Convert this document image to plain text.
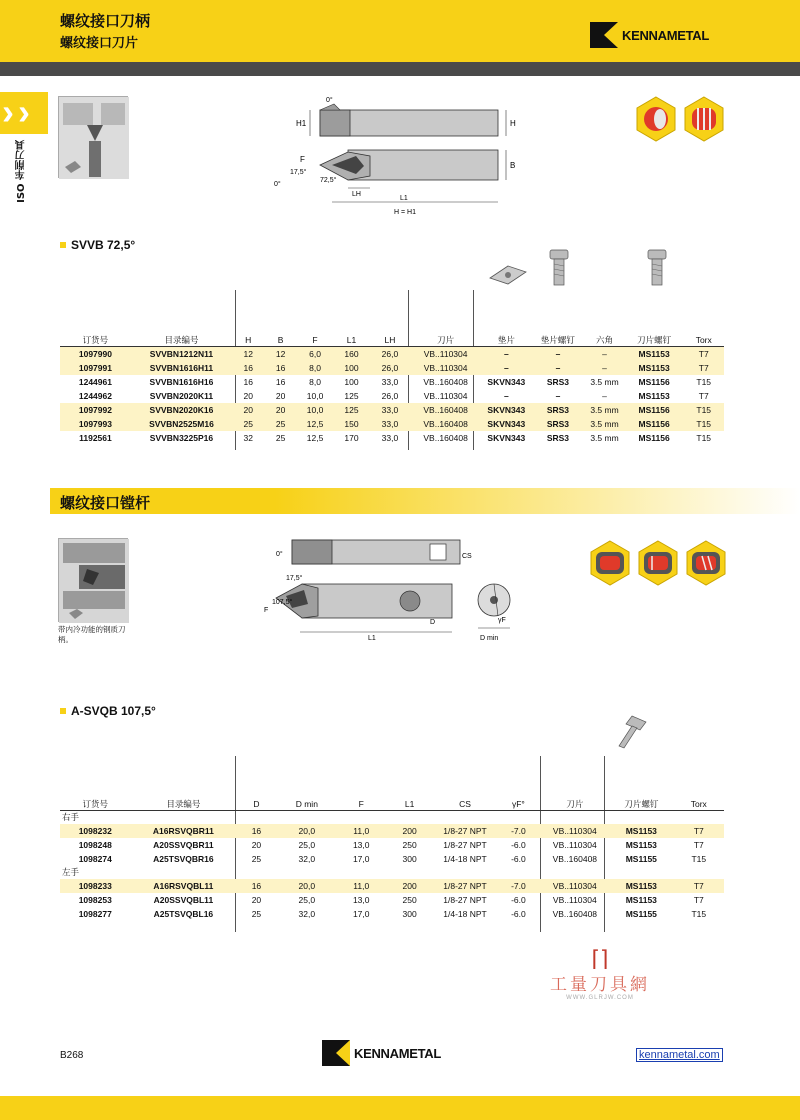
螺纹接口刀柄
螺纹接口刀片
KENNAMETAL
› ›
ISO 车削刀具
H1	H
0°
B
F
17,5°
72,5°
0°
LH
L1
H = H1
SVVB 72,5°
订货号	目录编号	H	B	F	L1	LH	刀片	垫片	垫片螺钉	六角	刀片螺钉	Torx
1097990	SVVBN1212N11	12	12	6,0	160	26,0	VB..110304	–	–	–	MS1153	T7
1097991	SVVBN1616H11	16	16	8,0	100	26,0	VB..110304	–	–	–	MS1153	T7
1244961	SVVBN1616H16	16	16	8,0	100	33,0	VB..160408	SKVN343	SRS3	3.5 mm	MS1156	T15
1244962	SVVBN2020K11	20	20	10,0	125	26,0	VB..110304	–	–	–	MS1153	T7
1097992	SVVBN2020K16	20	20	10,0	125	33,0	VB..160408	SKVN343	SRS3	3.5 mm	MS1156	T15
1097993	SVVBN2525M16	25	25	12,5	150	33,0	VB..160408	SKVN343	SRS3	3.5 mm	MS1156	T15
1192561	SVVBN3225P16	32	25	12,5	170	33,0	VB..160408	SKVN343	SRS3	3.5 mm	MS1156	T15
螺纹接口镗杆
带内冷功能的钢质刀柄。
0°	CS
17,5°
107,5°
F
L1
D	γF
D min
A-SVQB 107,5°
订货号	目录编号	D	D min	F	L1	CS	γF°	刀片	刀片螺钉	Torx
右手										
1098232	A16RSVQBR11	16	20,0	11,0	200	1/8-27 NPT	-7.0	VB..110304	MS1153	T7
1098248	A20SSVQBR11	20	25,0	13,0	250	1/8-27 NPT	-6.0	VB..110304	MS1153	T7
1098274	A25TSVQBR16	25	32,0	17,0	300	1/4-18 NPT	-6.0	VB..160408	MS1155	T15
左手										
1098233	A16RSVQBL11	16	20,0	11,0	200	1/8-27 NPT	-7.0	VB..110304	MS1153	T7
1098253	A20SSVQBL11	20	25,0	13,0	250	1/8-27 NPT	-6.0	VB..110304	MS1153	T7
1098277	A25TSVQBL16	25	32,0	17,0	300	1/4-18 NPT	-6.0	VB..160408	MS1155	T15
⌈⌉
工量刀具網
WWW.GLRJW.COM
B268	KENNAMETAL	kennametal.com
